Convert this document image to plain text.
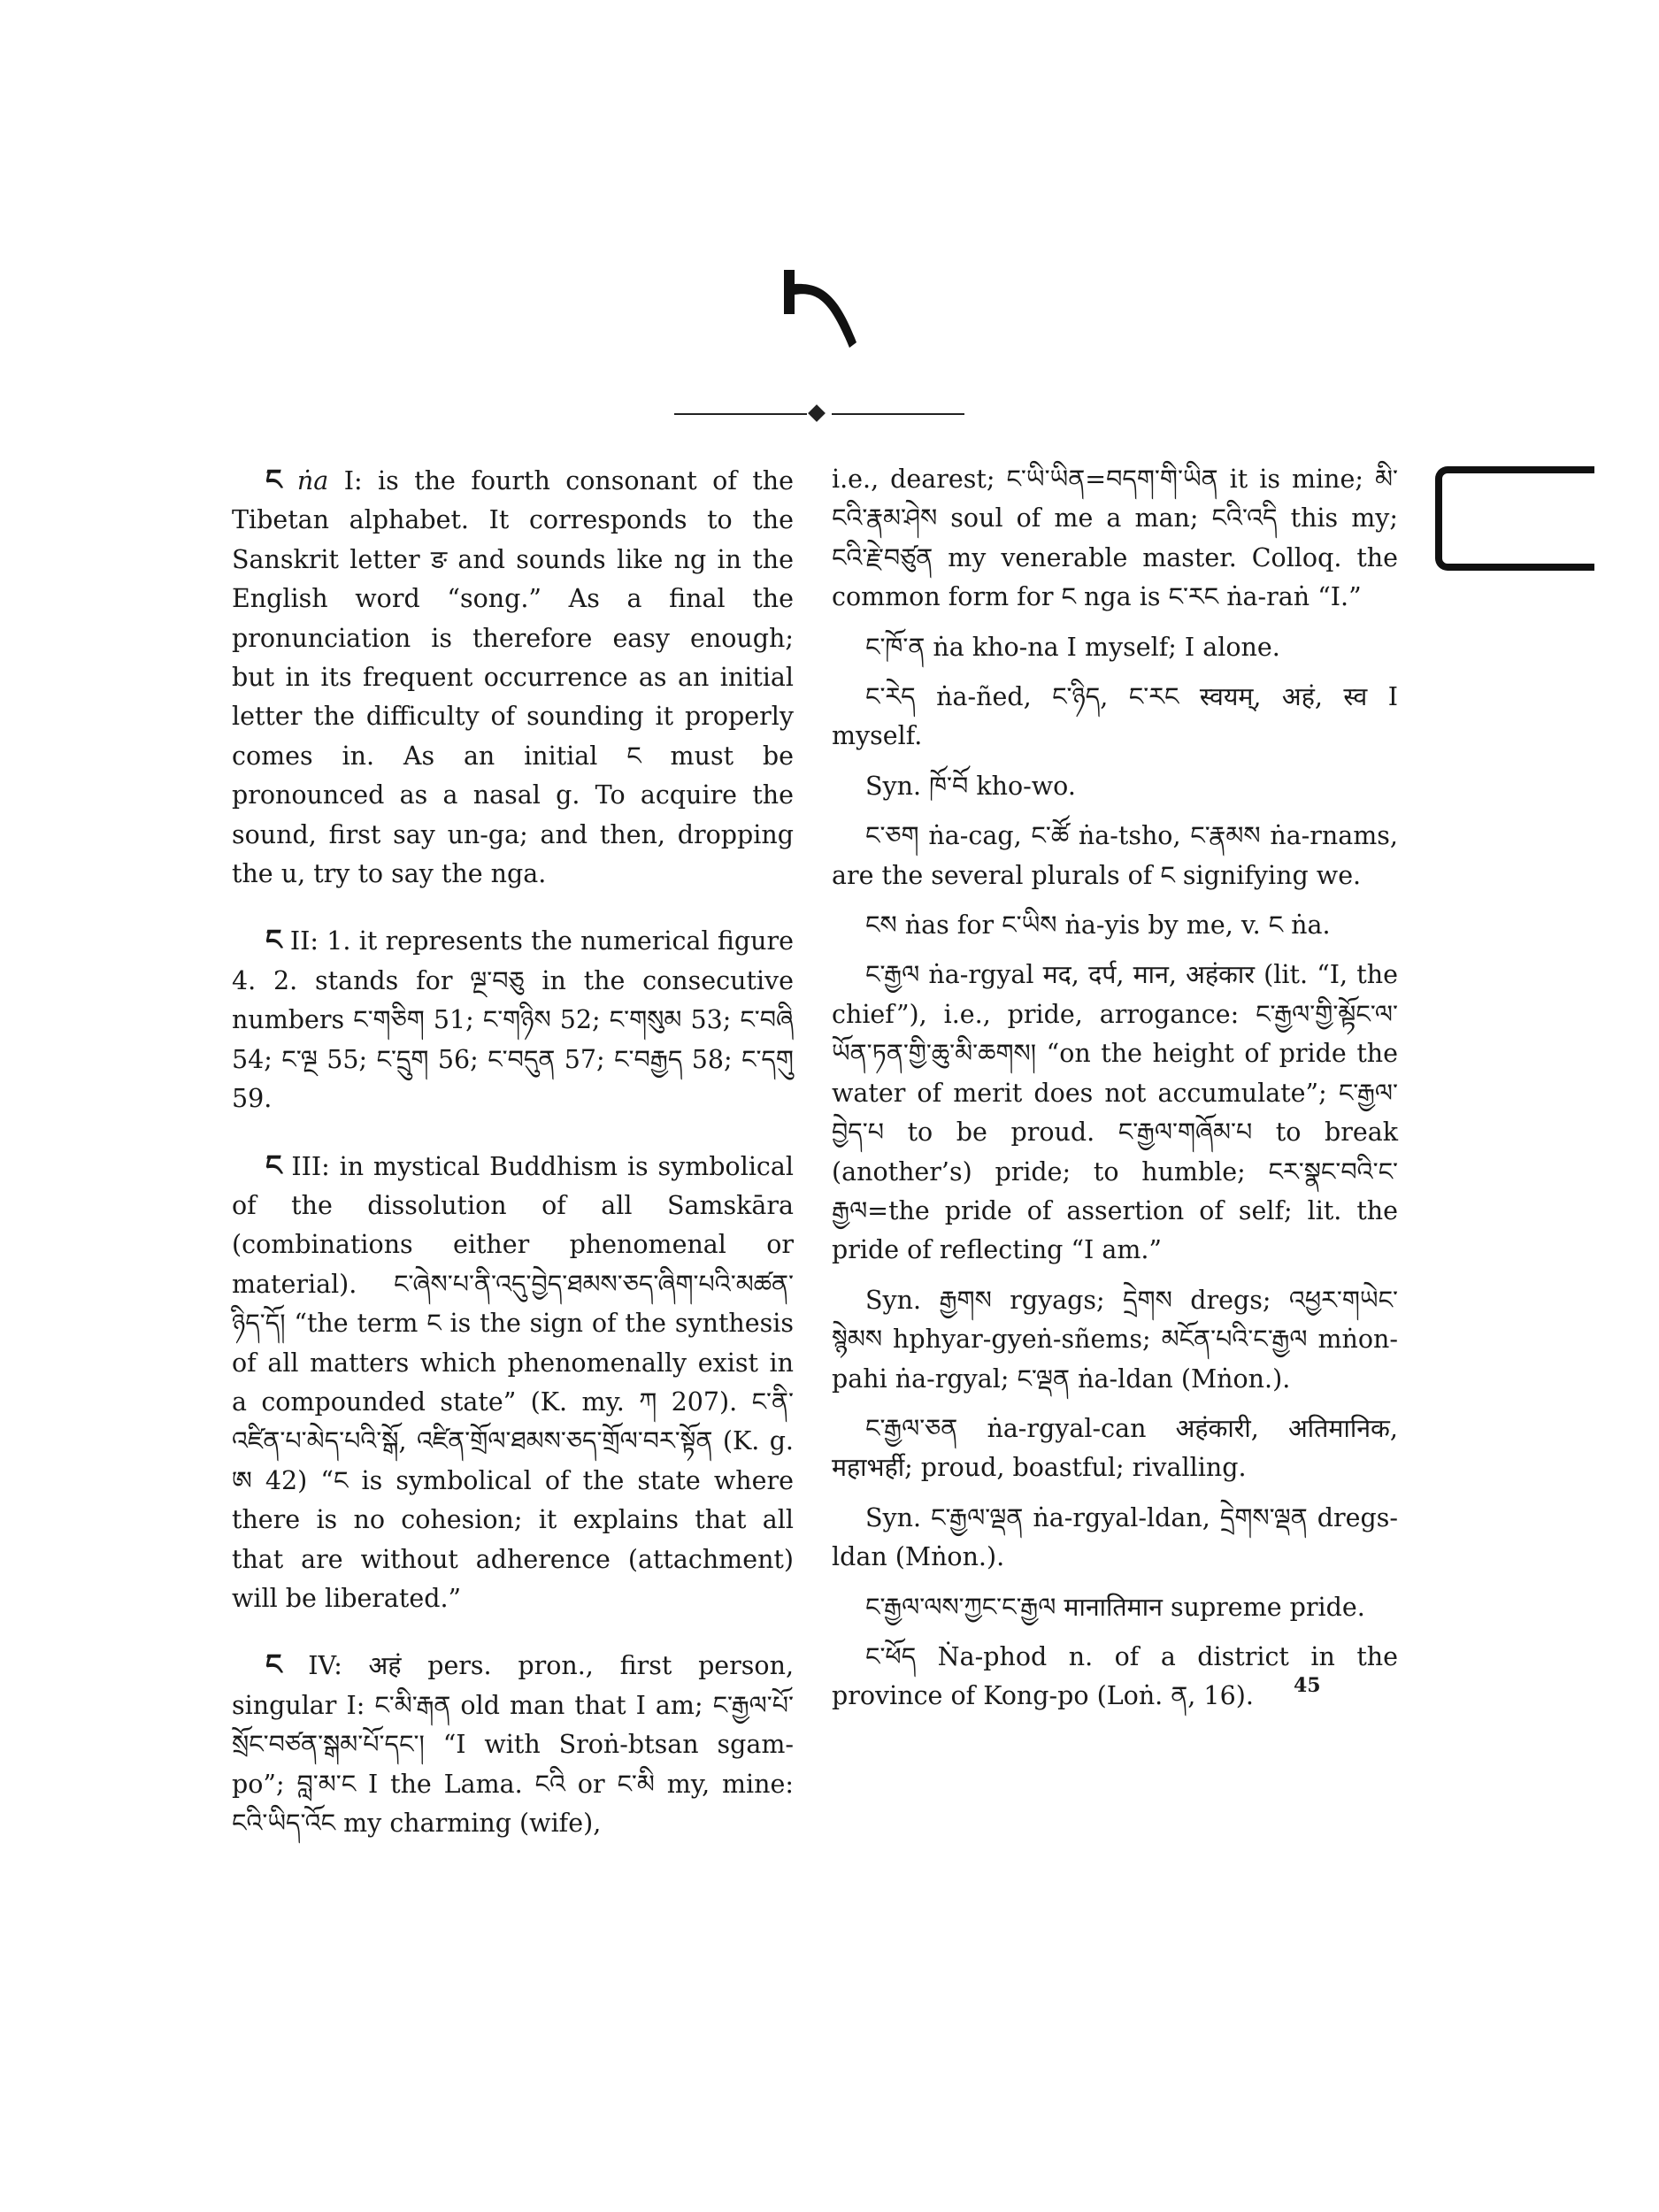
ང ṅa I: is the fourth consonant of the Tibetan alphabet. It corresponds to the Sanskrit letter ङ and sounds like ng in the English word “song.” As a final the pronunciation is therefore easy enough; but in its frequent occurrence as an initial letter the difficulty of sounding it properly comes in. As an initial ང must be pronounced as a nasal g. To acquire the sound, first say un-ga; and then, dropping the u, try to say the nga.

ང II: 1. it represents the numerical figure 4. 2. stands for ལྔ་བཅུ in the consecutive numbers ང་གཅིག 51; ང་གཉིས 52; ང་གསུམ 53; ང་བཞི 54; ང་ལྔ 55; ང་དྲུག 56; ང་བདུན 57; ང་བརྒྱད 58; ང་དགུ 59.

ང III: in mystical Buddhism is symbolical of the dissolution of all Samskāra (combinations either phenomenal or material). ང་ཞེས་པ་ནི་འདུ་བྱེད་ཐམས་ཅད་ཞིག་པའི་མཚན་ཉིད་དོ། “the term ང is the sign of the synthesis of all matters which phenomenally exist in a compounded state” (K. my. ཀ 207). ང་ནི་འཛིན་པ་མེད་པའི་སྒོ, འཛིན་གྲོལ་ཐམས་ཅད་གྲོལ་བར་སྟོན (K. g. ཨ 42) “ང is symbolical of the state where there is no cohesion; it explains that all that are without adherence (attachment) will be liberated.”

ང IV: अहं pers. pron., first person, singular I: ང་མི་རྒན old man that I am; ང་རྒྱལ་པོ་སྲོང་བཙན་སྒམ་པོ་དང་། “I with Sroṅ-btsan sgam-po”; བླ་མ་ང I the Lama. ངའི or ང་མི my, mine: ངའི་ཡིད་འོང my charming (wife),

i.e., dearest; ང་ཡི་ཡིན=བདག་གི་ཡིན it is mine; མི་ངའི་རྣམ་ཤེས soul of me a man; ངའི་འདི this my; ངའི་རྗེ་བཙུན my venerable master. Colloq. the common form for ང nga is ང་རང ṅa-raṅ “I.”

ང་ཁོ་ན ṅa kho-na I myself; I alone.

ང་རེད ṅa-ñed, ང་ཉིད, ང་རང स्वयम्, अहं, स्व I myself.

Syn. ཁོ་བོ kho-wo.

ང་ཅག ṅa-cag, ང་ཚོ ṅa-tsho, ང་རྣམས ṅa-rnams, are the several plurals of ང signifying we.

ངས ṅas for ང་ཡིས ṅa-yis by me, v. ང ṅa.

ང་རྒྱལ ṅa-rgyal मद, दर्प, मान, अहंकार (lit. “I, the chief”), i.e., pride, arrogance: ང་རྒྱལ་གྱི་མྟོང་ལ་ཡོན་ཏན་གྱི་ཆུ་མི་ཆགས། “on the height of pride the water of merit does not accumulate”; ང་རྒྱལ་བྱེད་པ to be proud. ང་རྒྱལ་གཞོམ་པ to break (another’s) pride; to humble; ངར་སྣང་བའི་ང་རྒྱལ=the pride of assertion of self; lit. the pride of reflecting “I am.”

Syn. རྒྱགས rgyags; དྲེགས dregs; འཕྱར་གཡེང་སྙེམས hphyar-gyeṅ-sñems; མངོན་པའི་ང་རྒྱལ mṅon-pahi ṅa-rgyal; ང་ལྡན ṅa-ldan (Mṅon.).

ང་རྒྱལ་ཅན ṅa-rgyal-can अहंकारी, अतिमानिक, महाभर्ही; proud, boastful; rivalling.

Syn. ང་རྒྱལ་ལྡན ṅa-rgyal-ldan, དྲེགས་ལྡན dregs-ldan (Mṅon.).

ང་རྒྱལ་ལས་ཀྱང་ང་རྒྱལ मानातिमान supreme pride.

ང་ཕོད Ṅa-phod n. of a district in the province of Kong-po (Loṅ. ན, 16).	45
